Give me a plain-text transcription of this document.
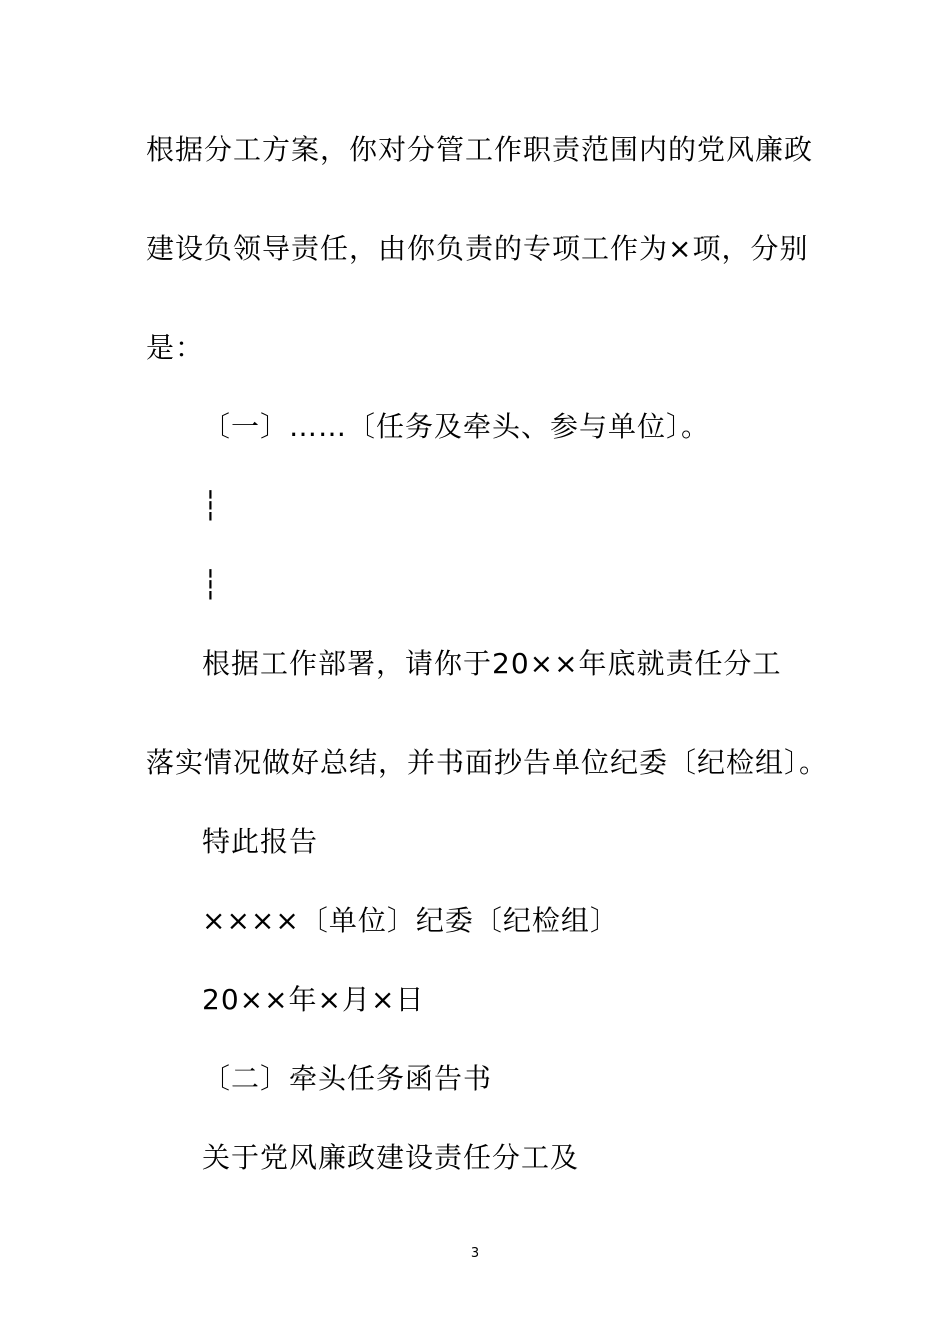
根据分工方案，你对分管工作职责范围内的党风廉政
建设负领导责任，由你负责的专项工作为×项，分别
是：
〔一〕……〔任务及牵头、参与单位〕。
┆
┆
根据工作部署，请你于20××年底就责任分工
落实情况做好总结，并书面抄告单位纪委〔纪检组〕。
特此报告
××××〔单位〕纪委〔纪检组〕
20××年×月×日
〔二〕牵头任务函告书
关于党风廉政建设责任分工及
3
